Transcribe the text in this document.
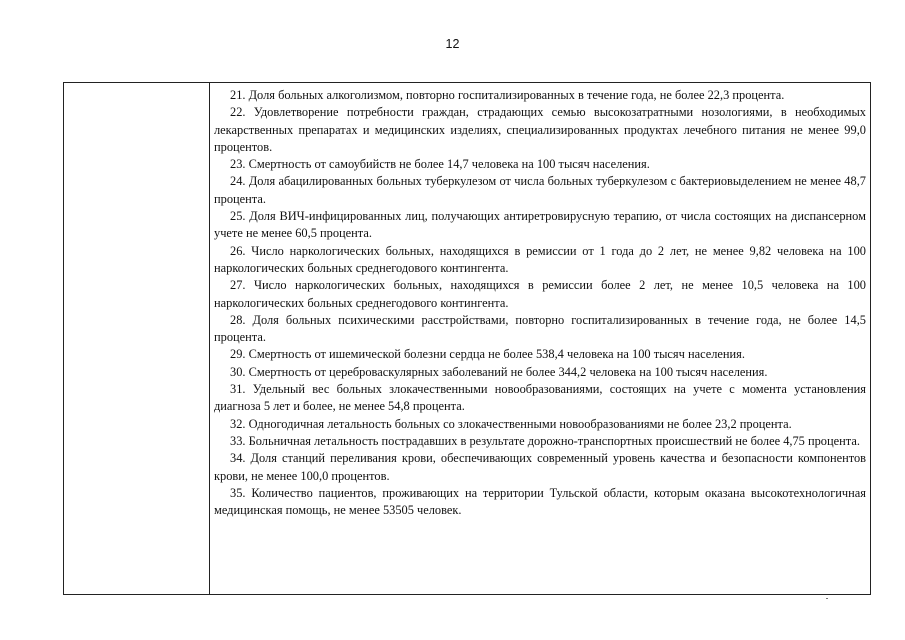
12

21. Доля больных алкоголизмом, повторно госпитализированных в течение года, не более 22,3 процента.

22. Удовлетворение потребности граждан, страдающих семью высокозатратными нозологиями, в необходимых лекарственных препаратах и медицинских изделиях, специализированных продуктах лечебного питания не менее 99,0 процентов.

23. Смертность от самоубийств не более 14,7 человека на 100 тысяч населения.

24. Доля абацилированных больных туберкулезом от числа больных туберкулезом с бактериовыделением не менее 48,7 процента.

25. Доля ВИЧ-инфицированных лиц, получающих антиретровирусную терапию, от числа состоящих на диспансерном учете не менее 60,5 процента.

26. Число наркологических больных, находящихся в ремиссии от 1 года до 2 лет, не менее 9,82 человека на 100 наркологических больных среднегодового контингента.

27. Число наркологических больных, находящихся в ремиссии более 2 лет, не менее 10,5 человека на 100 наркологических больных среднегодового контингента.

28. Доля больных психическими расстройствами, повторно госпитализированных в течение года, не более 14,5 процента.

29. Смертность от ишемической болезни сердца не более 538,4 человека на 100 тысяч населения.

30. Смертность от цереброваскулярных заболеваний не более 344,2 человека на 100 тысяч населения.

31. Удельный вес больных злокачественными новообразованиями, состоящих на учете с момента установления диагноза 5 лет и более, не менее 54,8 процента.

32. Одногодичная летальность больных со злокачественными новообразованиями не более 23,2 процента.

33. Больничная летальность пострадавших в результате дорожно-транспортных происшествий не более 4,75 процента.

34. Доля станций переливания крови, обеспечивающих современный уровень качества и безопасности компонентов крови, не менее 100,0 процентов.

35. Количество пациентов, проживающих на территории Тульской области, которым оказана высокотехнологичная медицинская помощь, не менее 53505 человек.
